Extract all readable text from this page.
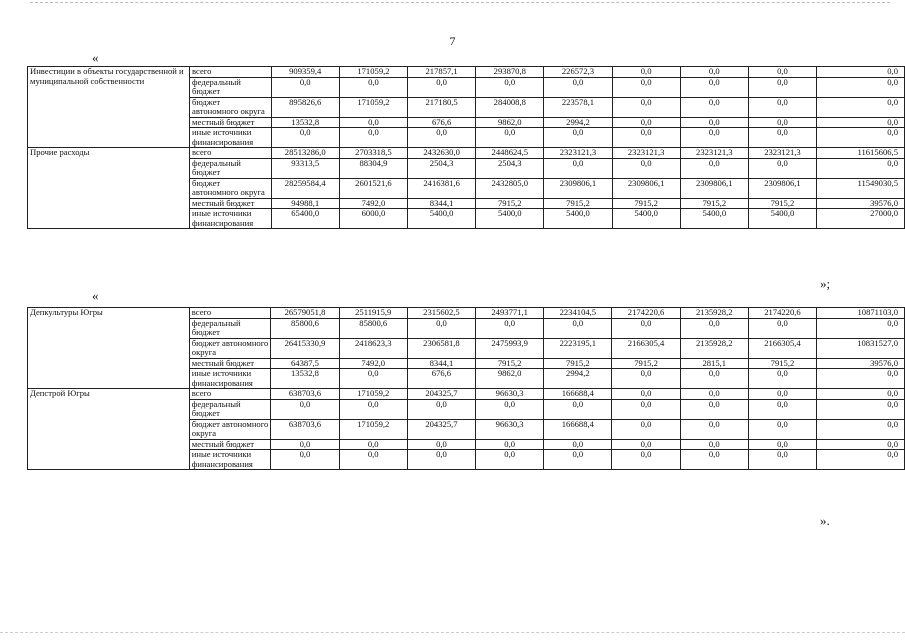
7
«
Инвестиции в объекты государственной и муниципальной собственности	всего	909359,4	171059,2	217857,1	293870,8	226572,3	0,0	0,0	0,0	0,0
	федеральный бюджет	0,0	0,0	0,0	0,0	0,0	0,0	0,0	0,0	0,0
	бюджет автономного округа	895826,6	171059,2	217180,5	284008,8	223578,1	0,0	0,0	0,0	0,0
	местный бюджет	13532,8	0,0	676,6	9862,0	2994,2	0,0	0,0	0,0	0,0
	иные источники финансирования	0,0	0,0	0,0	0,0	0,0	0,0	0,0	0,0	0,0
Прочие расходы	всего	28513286,0	2703318,5	2432630,0	2448624,5	2323121,3	2323121,3	2323121,3	2323121,3	11615606,5
	федеральный бюджет	93313,5	88304,9	2504,3	2504,3	0,0	0,0	0,0	0,0	0,0
	бюджет автономного округа	28259584,4	2601521,6	2416381,6	2432805,0	2309806,1	2309806,1	2309806,1	2309806,1	11549030,5
	местный бюджет	94988,1	7492,0	8344,1	7915,2	7915,2	7915,2	7915,2	7915,2	39576,0
	иные источники финансирования	65400,0	6000,0	5400,0	5400,0	5400,0	5400,0	5400,0	5400,0	27000,0
»;
«
Депкультуры Югры	всего	26579051,8	2511915,9	2315602,5	2493771,1	2234104,5	2174220,6	2135928,2	2174220,6	10871103,0
	федеральный бюджет	85800,6	85800,6	0,0	0,0	0,0	0,0	0,0	0,0	0,0
	бюджет автономного округа	26415330,9	2418623,3	2306581,8	2475993,9	2223195,1	2166305,4	2135928,2	2166305,4	10831527,0
	местный бюджет	64387,5	7492,0	8344,1	7915,2	7915,2	7915,2	2815,1	7915,2	39576,0
	иные источники финансирования	13532,8	0,0	676,6	9862,0	2994,2	0,0	0,0	0,0	0,0
Депстрой Югры	всего	638703,6	171059,2	204325,7	96630,3	166688,4	0,0	0,0	0,0	0,0
	федеральный бюджет	0,0	0,0	0,0	0,0	0,0	0,0	0,0	0,0	0,0
	бюджет автономного округа	638703,6	171059,2	204325,7	96630,3	166688,4	0,0	0,0	0,0	0,0
	местный бюджет	0,0	0,0	0,0	0,0	0,0	0,0	0,0	0,0	0,0
	иные источники финансирования	0,0	0,0	0,0	0,0	0,0	0,0	0,0	0,0	0,0
».
